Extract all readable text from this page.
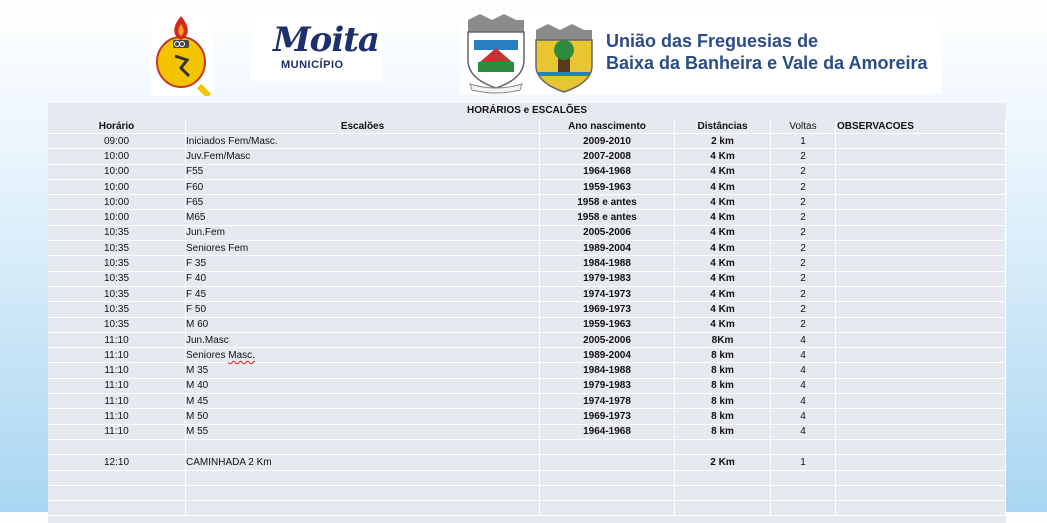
Moita
MUNICÍPIO
União das Freguesias de
Baixa da Banheira e Vale da Amoreira
HORÁRIOS e ESCALÕES
Horário	Escalões	Ano nascimento	Distâncias	Voltas	OBSERVACOES
09:00	Iniciados Fem/Masc.	2009-2010	2 km	1	
10:00	Juv.Fem/Masc	2007-2008	4 Km	2	
10:00	F55	1964-1968	4 Km	2	
10:00	F60	1959-1963	4 Km	2	
10:00	F65	1958 e antes	4 Km	2	
10:00	M65	1958 e antes	4 Km	2	
10:35	Jun.Fem	2005-2006	4 Km	2	
10:35	Seniores Fem	1989-2004	4 Km	2	
10:35	F 35	1984-1988	4 Km	2	
10:35	F 40	1979-1983	4 Km	2	
10:35	F 45	1974-1973	4 Km	2	
10:35	F 50	1969-1973	4 Km	2	
10:35	M 60	1959-1963	4 Km	2	
11:10	Jun.Masc	2005-2006	8Km	4	
11:10	Seniores Masc.	1989-2004	8 km	4	
11:10	M 35	1984-1988	8 km	4	
11:10	M 40	1979-1983	8 km	4	
11:10	M 45	1974-1978	8 km	4	
11:10	M 50	1969-1973	8 km	4	
11:10	M 55	1964-1968	8 km	4	

12:10	CAMINHADA 2 Km		2 Km	1	
